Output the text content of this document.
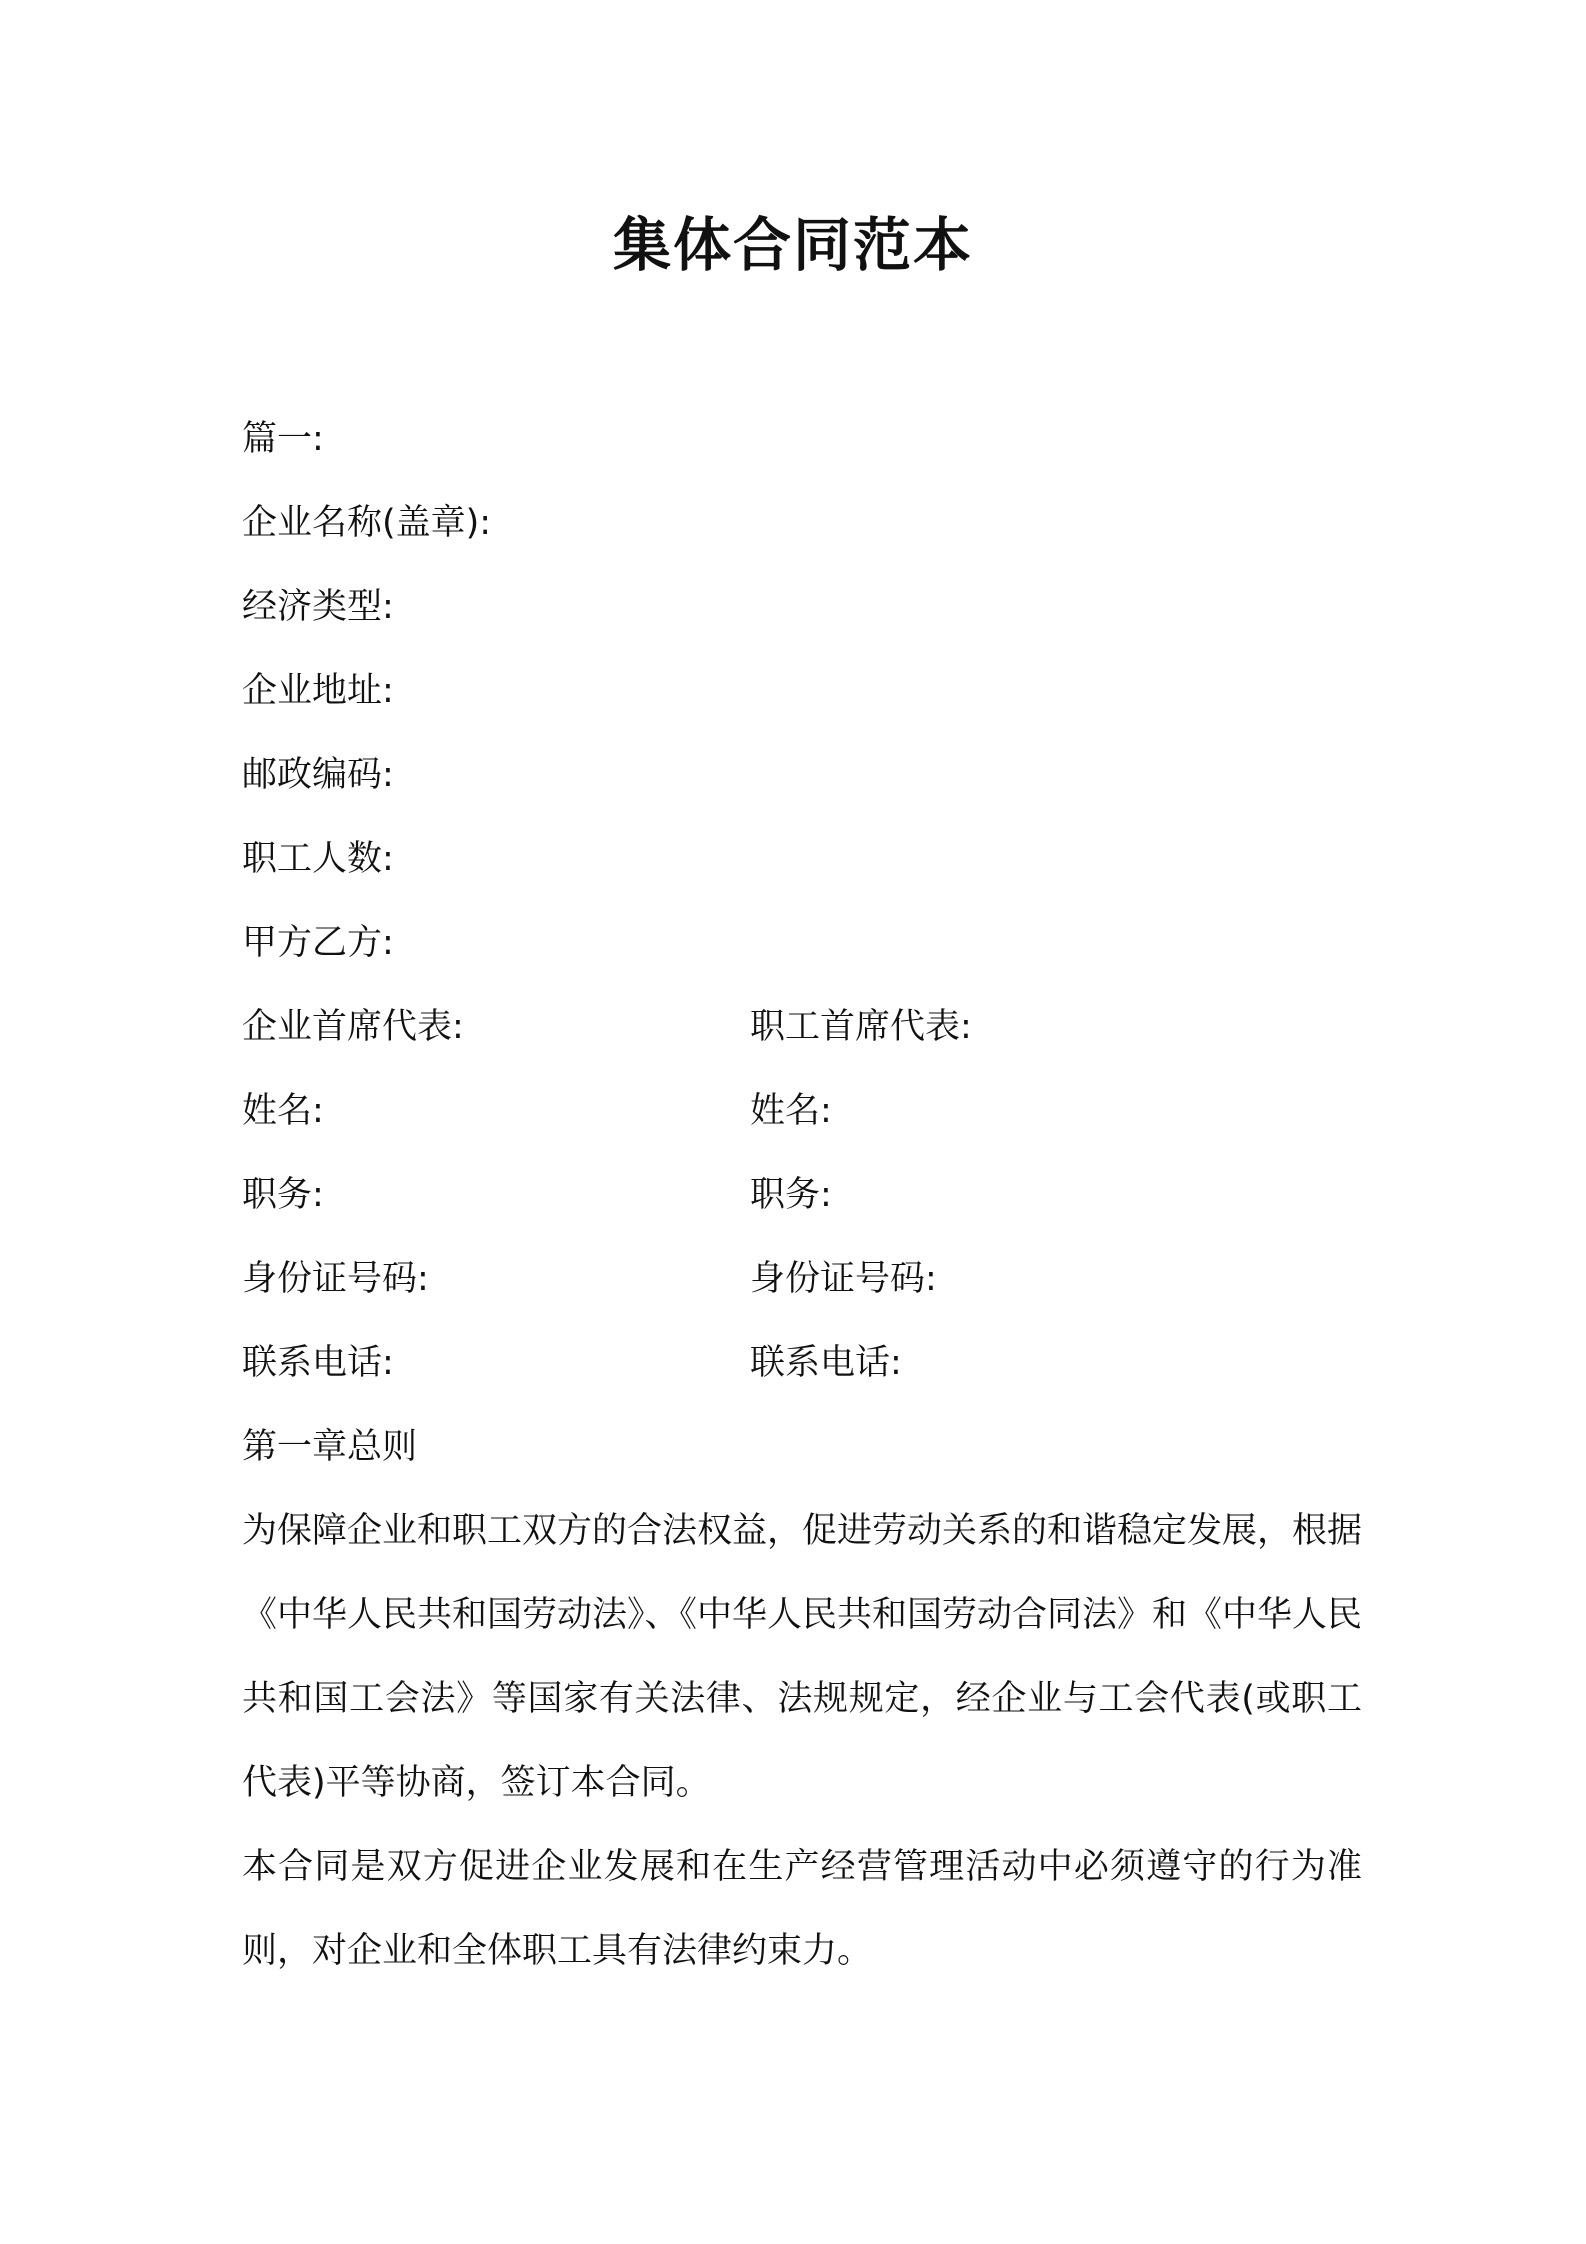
集体合同范本
篇一:
企业名称(盖章):
经济类型:
企业地址:
邮政编码:
职工人数:
甲方乙方:
企业首席代表:	职工首席代表:
姓名:	姓名:
职务:	职务:
身份证号码:	身份证号码:
联系电话:	联系电话:
第一章总则

为保障企业和职工双方的合法权益，促进劳动关系的和谐稳定发展，根据《中华人民共和国劳动法》、《中华人民共和国劳动合同法》和《中华人民共和国工会法》等国家有关法律、法规规定，经企业与工会代表(或职工代表)平等协商，签订本合同。

本合同是双方促进企业发展和在生产经营管理活动中必须遵守的行为准则，对企业和全体职工具有法律约束力。
